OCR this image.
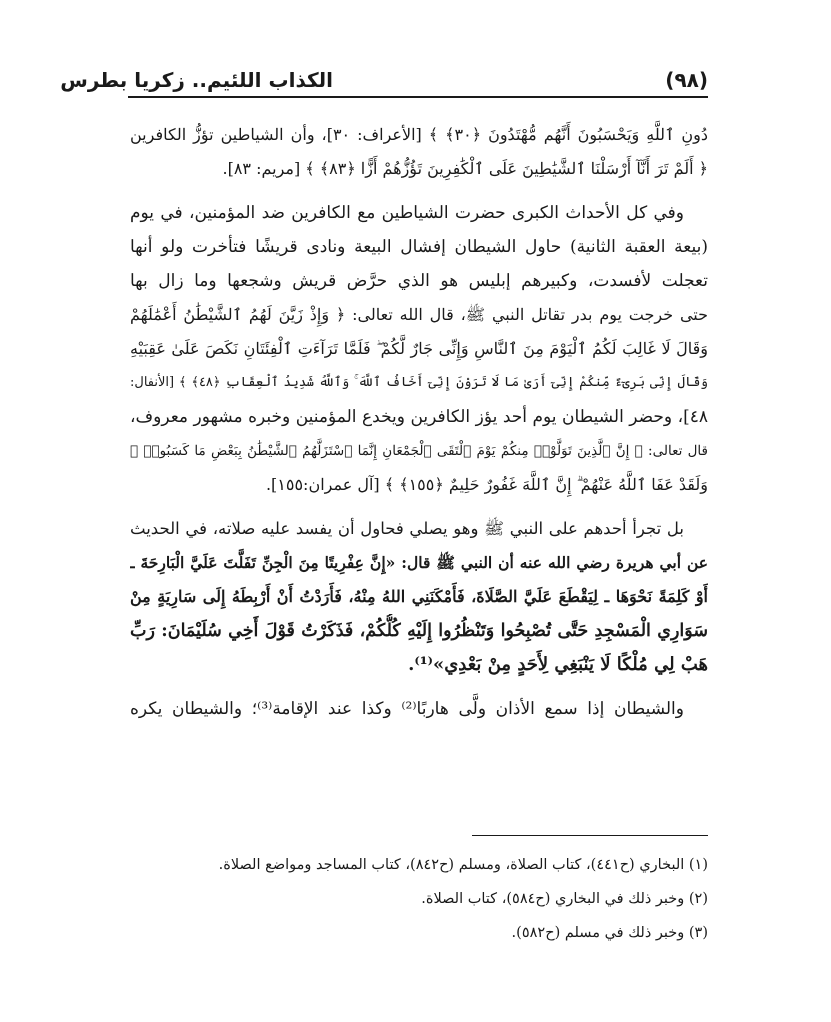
(٩٨)
الكذاب اللئيم.. زكريا بطرس
دُونِ ٱللَّهِ وَيَحْسَبُونَ أَنَّهُم مُّهْتَدُونَ ﴿٣٠﴾ ﴾ [الأعراف: ٣٠]، وأن الشياطين تؤزُّ الكافرين
﴿ أَلَمْ تَرَ أَنَّآ أَرْسَلْنَا ٱلشَّيَٰطِينَ عَلَى ٱلْكَٰفِرِينَ تَؤُزُّهُمْ أَزًّا ﴿٨٣﴾ ﴾ [مريم: ٨٣].
وفي كل الأحداث الكبرى حضرت الشياطين مع الكافرين ضد المؤمنين، في يوم
(بيعة العقبة الثانية) حاول الشيطان إفشال البيعة ونادى قريشًا فتأخرت ولو أنها
تعجلت لأفسدت، وكبيرهم إبليس هو الذي حرَّض قريش وشجعها وما زال بها
حتى خرجت يوم بدر تقاتل النبي ﷺ، قال الله تعالى: ﴿ وَإِذْ زَيَّنَ لَهُمُ ٱلشَّيْطَٰنُ أَعْمَٰلَهُمْ
وَقَالَ لَا غَالِبَ لَكُمُ ٱلْيَوْمَ مِنَ ٱلنَّاسِ وَإِنِّى جَارٌ لَّكُمْ ۖ فَلَمَّا تَرَآءَتِ ٱلْفِئَتَانِ نَكَصَ عَلَىٰ عَقِبَيْهِ
وَقَالَ إِنِّى بَرِىٓءٌ مِّنكُمْ إِنِّىٓ أَرَىٰ مَا لَا تَرَوْنَ إِنِّىٓ أَخَافُ ٱللَّهَ ۚ وَٱللَّهُ شَدِيدُ ٱلْعِقَابِ ﴿٤٨﴾ ﴾ [الأنفال:
٤٨]، وحضر الشيطان يوم أحد يؤز الكافرين ويخدع المؤمنين وخبره مشهور معروف،
قال تعالى: ﴿ إِنَّ ٱلَّذِينَ تَوَلَّوْا۟ مِنكُمْ يَوْمَ ٱلْتَقَى ٱلْجَمْعَانِ إِنَّمَا ٱسْتَزَلَّهُمُ ٱلشَّيْطَٰنُ بِبَعْضِ مَا كَسَبُوا۟ ۖ
وَلَقَدْ عَفَا ٱللَّهُ عَنْهُمْ ۗ إِنَّ ٱللَّهَ غَفُورٌ حَلِيمٌ ﴿١٥٥﴾ ﴾ [آل عمران:١٥٥].
بل تجرأ أحدهم على النبي ﷺ وهو يصلي فحاول أن يفسد عليه صلاته، في الحديث
عن أبي هريرة رضي الله عنه أن النبي ﷺ قال: «إِنَّ عِفْرِيتًا مِنَ الْجِنِّ تَفَلَّتَ عَلَيَّ الْبَارِحَةَ ـ
أَوْ كَلِمَةً نَحْوَهَا ـ لِيَقْطَعَ عَلَيَّ الصَّلَاةَ، فَأَمْكَنَنِي اللهُ مِنْهُ، فَأَرَدْتُ أَنْ أَرْبِطَهُ إِلَى سَارِيَةٍ مِنْ
سَوَارِي الْمَسْجِدِ حَتَّى تُصْبِحُوا وَتَنْظُرُوا إِلَيْهِ كُلُّكُمْ، فَذَكَرْتُ قَوْلَ أَخِي سُلَيْمَانَ: رَبِّ
هَبْ لِي مُلْكًا لَا يَنْبَغِي لِأَحَدٍ مِنْ بَعْدِي»⁽¹⁾.
والشيطان إذا سمع الأذان ولَّى هاربًا⁽²⁾ وكذا عند الإقامة⁽³⁾؛ والشيطان يكره
(١) البخاري (ح٤٤١)، كتاب الصلاة، ومسلم (ح٨٤٢)، كتاب المساجد ومواضع الصلاة.
(٢) وخبر ذلك في البخاري (ح٥٨٤)، كتاب الصلاة.
(٣) وخبر ذلك في مسلم (ح٥٨٢).
